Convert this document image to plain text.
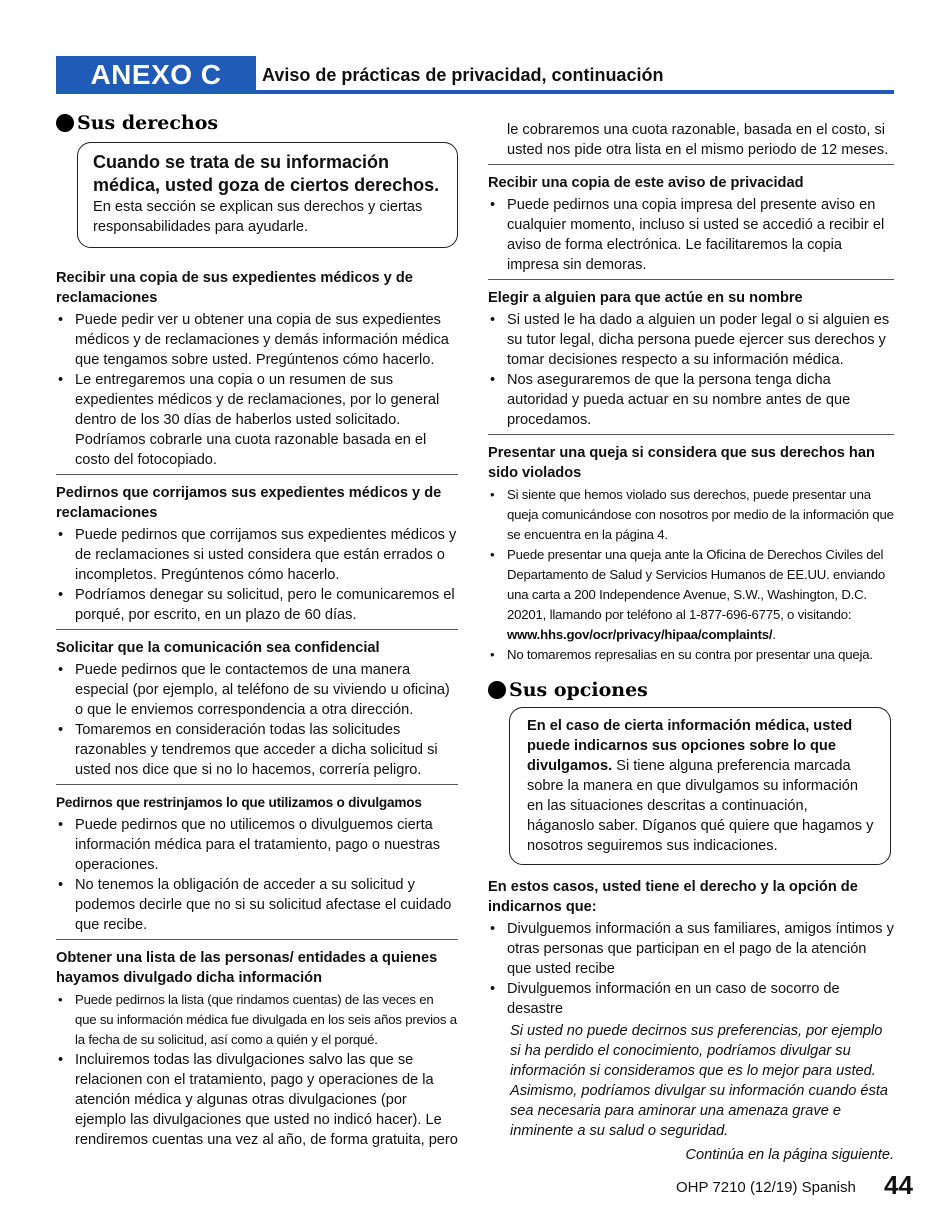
ANEXO C	Aviso de prácticas de privacidad, continuación
Sus derechos
Cuando se trata de su información médica, usted goza de ciertos derechos.
En esta sección se explican sus derechos y ciertas responsabilidades para ayudarle.

Recibir una copia de sus expedientes médicos y de reclamaciones

• Puede pedir ver u obtener una copia de sus expedientes médicos y de reclamaciones y demás información médica que tengamos sobre usted. Pregúntenos cómo hacerlo.
• Le entregaremos una copia o un resumen de sus expedientes médicos y de reclamaciones, por lo general dentro de los 30 días de haberlos usted solicitado. Podríamos cobrarle una cuota razonable basada en el costo del fotocopiado.

Pedirnos que corrijamos sus expedientes médicos y de reclamaciones

• Puede pedirnos que corrijamos sus expedientes médicos y de reclamaciones si usted considera que están errados o incompletos. Pregúntenos cómo hacerlo.
• Podríamos denegar su solicitud, pero le comunicaremos el porqué, por escrito, en un plazo de 60 días.

Solicitar que la comunicación sea confidencial

• Puede pedirnos que le contactemos de una manera especial (por ejemplo, al teléfono de su viviendo u oficina) o que le enviemos correspondencia a otra dirección.
• Tomaremos en consideración todas las solicitudes razonables y tendremos que acceder a dicha solicitud si usted nos dice que si no lo hacemos, correría peligro.

Pedirnos que restrinjamos lo que utilizamos o divulgamos

• Puede pedirnos que no utilicemos o divulguemos cierta información médica para el tratamiento, pago o nuestras operaciones.
• No tenemos la obligación de acceder a su solicitud y podemos decirle que no si su solicitud afectase el cuidado que recibe.

Obtener una lista de las personas/ entidades a quienes hayamos divulgado dicha información

• Puede pedirnos la lista (que rindamos cuentas) de las veces en que su información médica fue divulgada en los seis años previos a la fecha de su solicitud, así como a quién y el porqué.
• Incluiremos todas las divulgaciones salvo las que se relacionen con el tratamiento, pago y operaciones de la atención médica y algunas otras divulgaciones (por ejemplo las divulgaciones que usted no indicó hacer). Le rendiremos cuentas una vez al año, de forma gratuita, pero
le cobraremos una cuota razonable, basada en el costo, si usted nos pide otra lista en el mismo periodo de 12 meses.

Recibir una copia de este aviso de privacidad

• Puede pedirnos una copia impresa del presente aviso en cualquier momento, incluso si usted se accedió a recibir el aviso de forma electrónica. Le facilitaremos la copia impresa sin demoras.

Elegir a alguien para que actúe en su nombre

• Si usted le ha dado a alguien un poder legal o si alguien es su tutor legal, dicha persona puede ejercer sus derechos y tomar decisiones respecto a su información médica.
• Nos aseguraremos de que la persona tenga dicha autoridad y pueda actuar en su nombre antes de que procedamos.

Presentar una queja si considera que sus derechos han sido violados

• Si siente que hemos violado sus derechos, puede presentar una queja comunicándose con nosotros por medio de la información que se encuentra en la página 4.
• Puede presentar una queja ante la Oficina de Derechos Civiles del Departamento de Salud y Servicios Humanos de EE.UU. enviando una carta a 200 Independence Avenue, S.W., Washington, D.C. 20201, llamando por teléfono al 1-877-696-6775, o visitando:
www.hhs.gov/ocr/privacy/hipaa/complaints/.
• No tomaremos represalias en su contra por presentar una queja.
Sus opciones
En el caso de cierta información médica, usted puede indicarnos sus opciones sobre lo que divulgamos. Si tiene alguna preferencia marcada sobre la manera en que divulgamos su información en las situaciones descritas a continuación, háganoslo saber. Díganos qué quiere que hagamos y nosotros seguiremos sus indicaciones.

En estos casos, usted tiene el derecho y la opción de indicarnos que:

• Divulguemos información a sus familiares, amigos íntimos y otras personas que participan en el pago de la atención que usted recibe
• Divulguemos información en un caso de socorro de desastre
Si usted no puede decirnos sus preferencias, por ejemplo si ha perdido el conocimiento, podríamos divulgar su información si consideramos que es lo mejor para usted. Asimismo, podríamos divulgar su información cuando ésta sea necesaria para aminorar una amenaza grave e inminente a su salud o seguridad.
Continúa en la página siguiente.
OHP 7210 (12/19) Spanish 44
